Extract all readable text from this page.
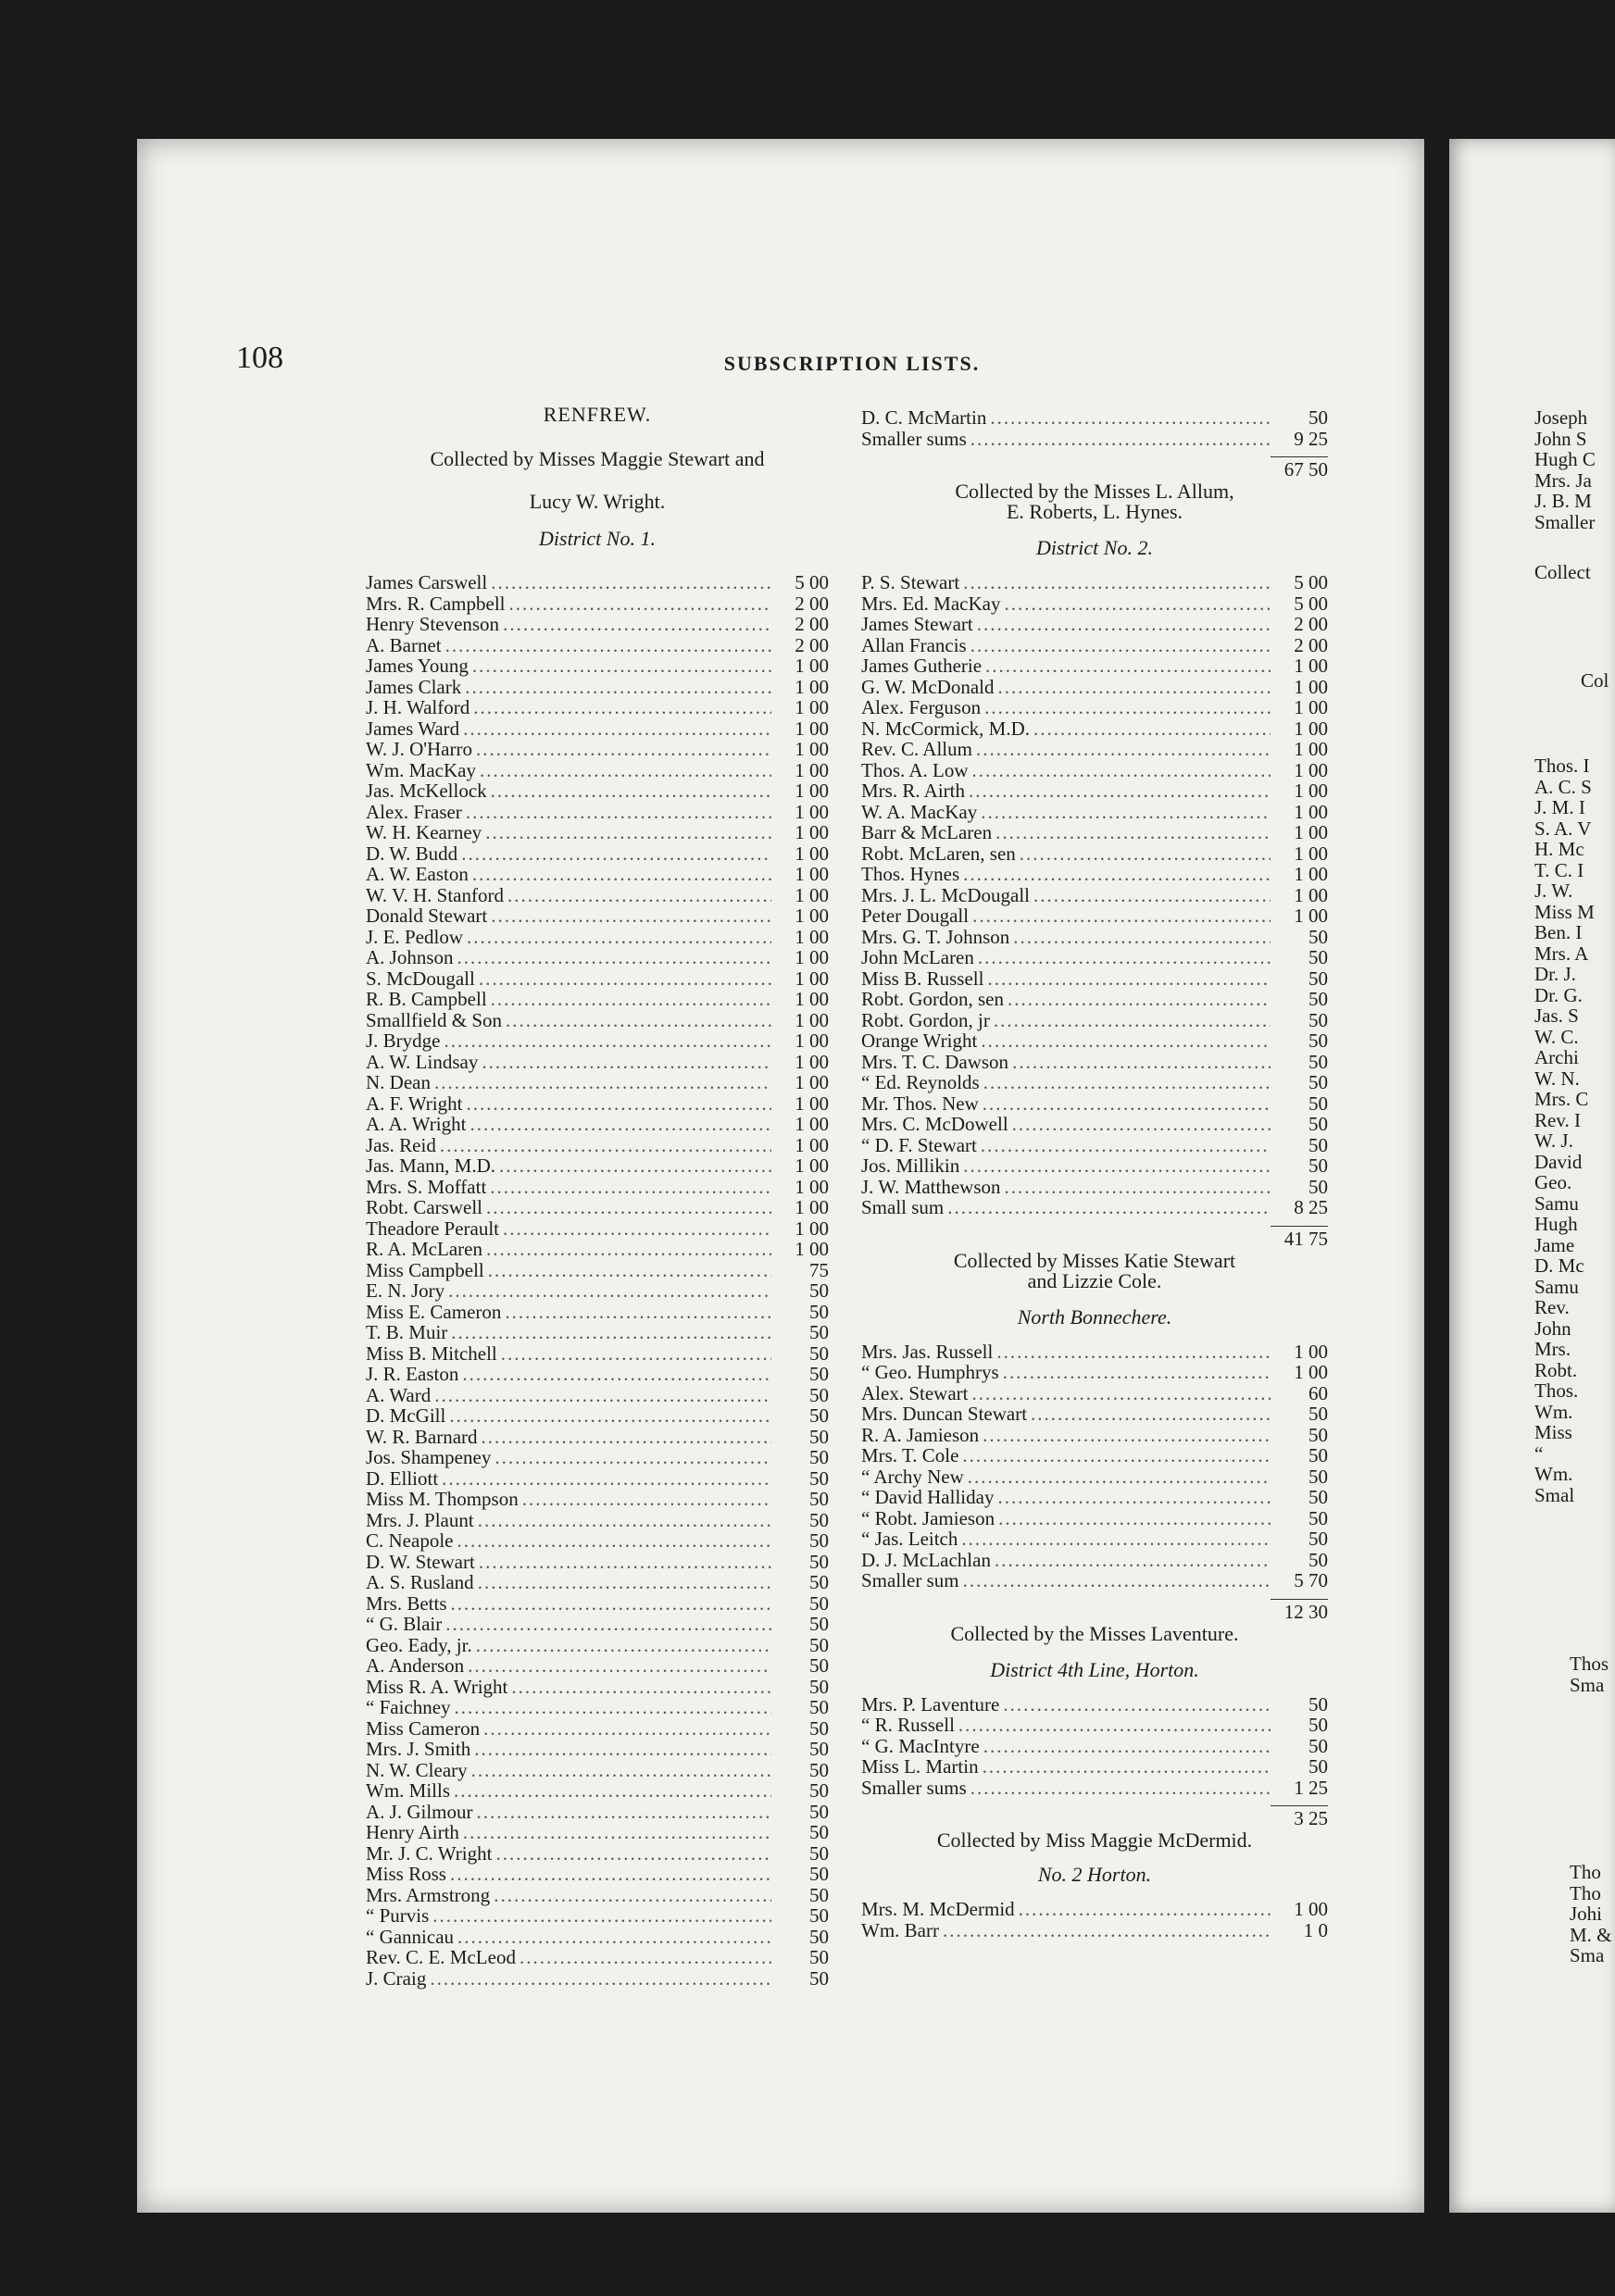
108	SUBSCRIPTION LISTS.
RENFREW.
Collected by Misses Maggie Stewart and
Lucy W. Wright.
District No. 1.
James Carswell .....	5 00
Mrs. R. Campbell .....	2 00
Henry Stevenson .....	2 00
A. Barnet .....	2 00
James Young .....	1 00
James Clark .....	1 00
J. H. Walford .....	1 00
James Ward .....	1 00
W. J. O'Harro .....	1 00
Wm. MacKay .....	1 00
Jas. McKellock .....	1 00
Alex. Fraser .....	1 00
W. H. Kearney .....	1 00
D. W. Budd .....	1 00
A. W. Easton .....	1 00
W. V. H. Stanford .....	1 00
Donald Stewart .....	1 00
J. E. Pedlow .....	1 00
A. Johnson .....	1 00
S. McDougall .....	1 00
R. B. Campbell .....	1 00
Smallfield & Son .....	1 00
J. Brydge .....	1 00
A. W. Lindsay .....	1 00
N. Dean .....	1 00
A. F. Wright .....	1 00
A. A. Wright .....	1 00
Jas. Reid .....	1 00
Jas. Mann, M.D. .....	1 00
Mrs. S. Moffatt .....	1 00
Robt. Carswell .....	1 00
Theadore Perault .....	1 00
R. A. McLaren .....	1 00
Miss Campbell .....	75
E. N. Jory .....	50
Miss E. Cameron .....	50
T. B. Muir .....	50
Miss B. Mitchell .....	50
J. R. Easton .....	50
A. Ward .....	50
D. McGill .....	50
W. R. Barnard .....	50
Jos. Shampeney .....	50
D. Elliott .....	50
Miss M. Thompson .....	50
Mrs. J. Plaunt .....	50
C. Neapole .....	50
D. W. Stewart .....	50
A. S. Rusland .....	50
Mrs. Betts .....	50
“ G. Blair .....	50
Geo. Eady, jr. .....	50
A. Anderson .....	50
Miss R. A. Wright .....	50
“ Faichney .....	50
Miss Cameron .....	50
Mrs. J. Smith .....	50
N. W. Cleary .....	50
Wm. Mills .....	50
A. J. Gilmour .....	50
Henry Airth .....	50
Mr. J. C. Wright .....	50
Miss Ross .....	50
Mrs. Armstrong .....	50
“ Purvis .....	50
“ Gannicau .....	50
Rev. C. E. McLeod .....	50
J. Craig .....	50
D. C. McMartin .....	50
Smaller sums .....	9 25
67 50
Collected by the Misses L. Allum,
E. Roberts, L. Hynes.
District No. 2.
P. S. Stewart .....	5 00
Mrs. Ed. MacKay .....	5 00
James Stewart .....	2 00
Allan Francis .....	2 00
James Gutherie .....	1 00
G. W. McDonald .....	1 00
Alex. Ferguson .....	1 00
N. McCormick, M.D. .....	1 00
Rev. C. Allum .....	1 00
Thos. A. Low .....	1 00
Mrs. R. Airth .....	1 00
W. A. MacKay .....	1 00
Barr & McLaren .....	1 00
Robt. McLaren, sen .....	1 00
Thos. Hynes .....	1 00
Mrs. J. L. McDougall .....	1 00
Peter Dougall .....	1 00
Mrs. G. T. Johnson .....	50
John McLaren .....	50
Miss B. Russell .....	50
Robt. Gordon, sen .....	50
Robt. Gordon, jr .....	50
Orange Wright .....	50
Mrs. T. C. Dawson .....	50
“ Ed. Reynolds .....	50
Mr. Thos. New .....	50
Mrs. C. McDowell .....	50
“ D. F. Stewart .....	50
Jos. Millikin .....	50
J. W. Matthewson .....	50
Small sum .....	8 25
41 75
Collected by Misses Katie Stewart
and Lizzie Cole.
North Bonnechere.
Mrs. Jas. Russell .....	1 00
“ Geo. Humphrys .....	1 00
Alex. Stewart .....	60
Mrs. Duncan Stewart .....	50
R. A. Jamieson .....	50
Mrs. T. Cole .....	50
“ Archy New .....	50
“ David Halliday .....	50
“ Robt. Jamieson .....	50
“ Jas. Leitch .....	50
D. J. McLachlan .....	50
Smaller sum .....	5 70
12 30
Collected by the Misses Laventure.
District 4th Line, Horton.
Mrs. P. Laventure .....	50
“ R. Russell .....	50
“ G. MacIntyre .....	50
Miss L. Martin .....	50
Smaller sums .....	1 25
3 25
Collected by Miss Maggie McDermid.
No. 2 Horton.
Mrs. M. McDermid .....	1 00
Wm. Barr .....	1 0
Joseph
John S
Hugh C
Mrs. Ja
J. B. M
Smaller
Collect
Col
Thos. I
A. C. S
J. M. I
S. A. V
H. Mc
T. C. I
J. W.
Miss M
Ben. I
Mrs. A
Dr. J.
Dr. G.
Jas. S
W. C.
Archi
W. N.
Mrs. C
Rev. I
W. J.
David
Geo.
Samu
Hugh
Jame
D. Mc
Samu
Rev.
John
Mrs.
Robt.
Thos.
Wm.
Miss
“
Wm.
Smal
Thos
Sma
Tho
Tho
Johi
M. &
Sma
